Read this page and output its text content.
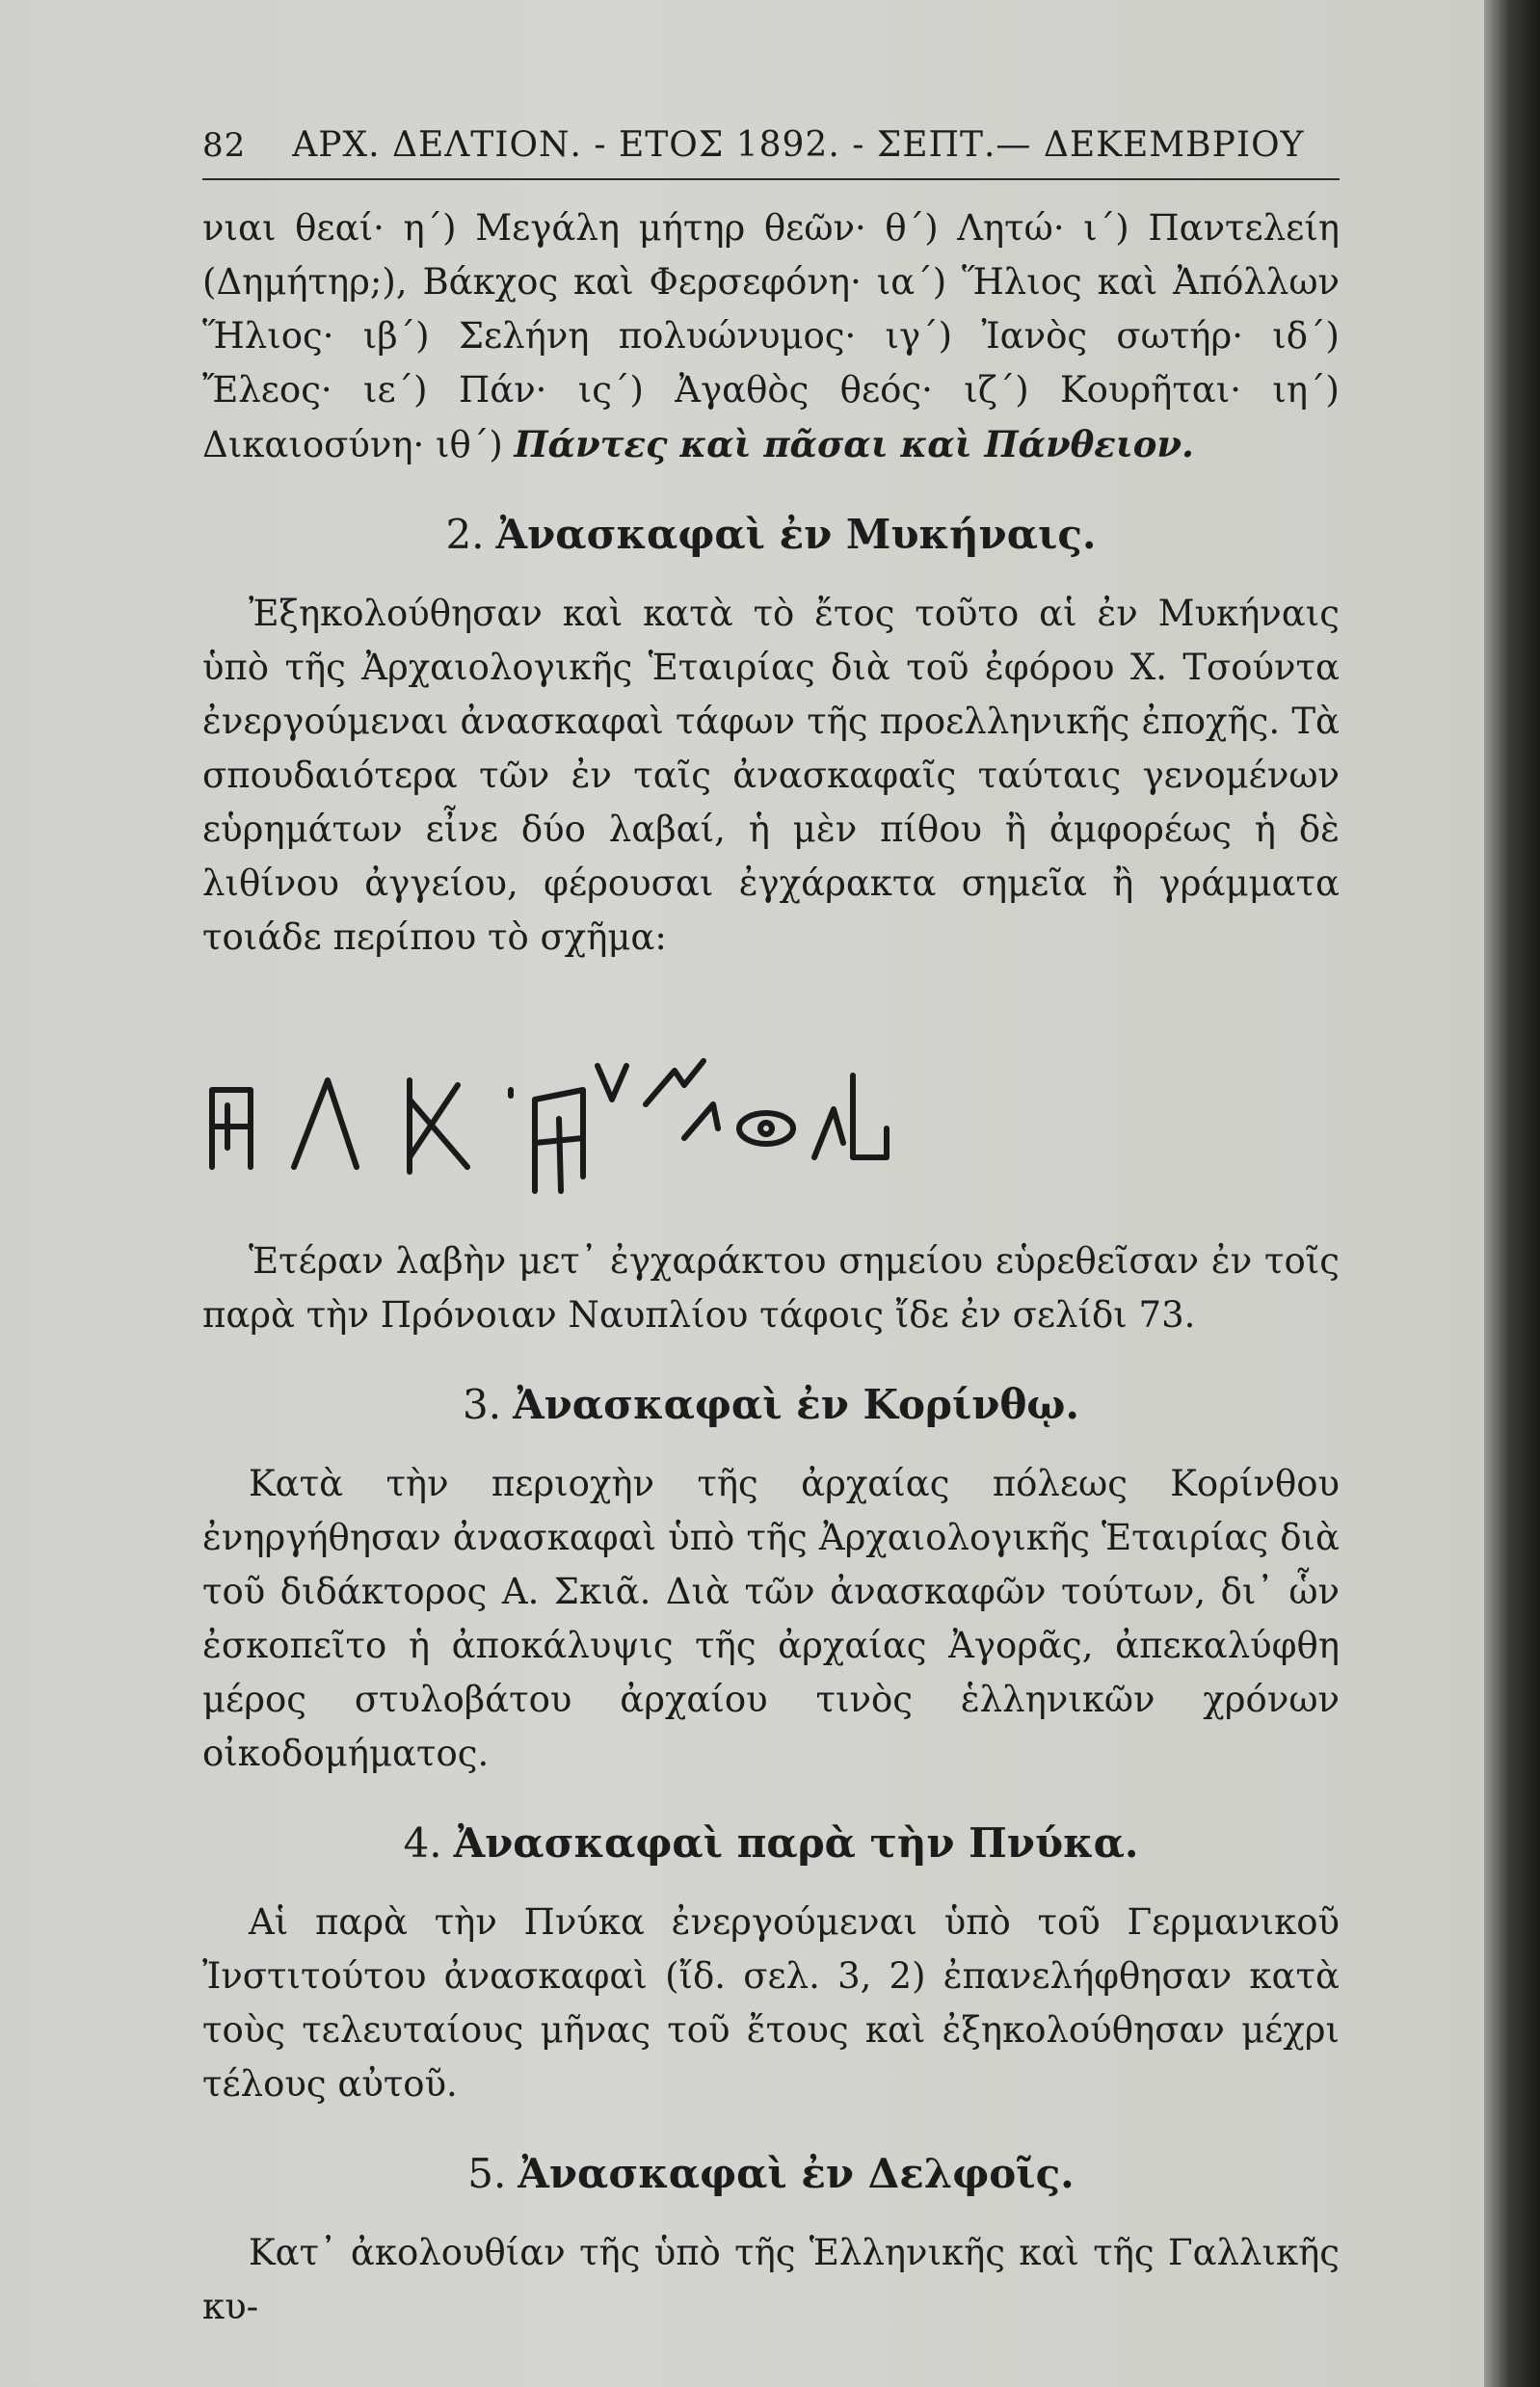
82 ΑΡΧ. ΔΕΛΤΙΟΝ. - ΕΤΟΣ 1892. - ΣΕΠΤ.— ΔΕΚΕΜΒΡΙΟΥ

νιαι θεαί· η΄) Μεγάλη μήτηρ θεῶν· θ΄) Λητώ· ι΄) Παντελείη (Δημήτηρ;), Βάκχος καὶ Φερσεφόνη· ια΄) Ἥλιος καὶ Ἀπόλλων Ἥλιος· ιβ΄) Σελήνη πολυώνυμος· ιγ΄) Ἰανὸς σωτήρ· ιδ΄) Ἔλεος· ιε΄) Πάν· ις΄) Ἀγαθὸς θεός· ιζ΄) Κουρῆται· ιη΄) Δικαιοσύνη· ιθ΄) Πάντες καὶ πᾶσαι καὶ Πάνθειον.

2. Ἀνασκαφαὶ ἐν Μυκήναις.

Ἐξηκολούθησαν καὶ κατὰ τὸ ἔτος τοῦτο αἱ ἐν Μυκήναις ὑπὸ τῆς Ἀρχαιολογικῆς Ἑταιρίας διὰ τοῦ ἐφόρου Χ. Τσούντα ἐνεργούμεναι ἀνασκαφαὶ τάφων τῆς προελληνικῆς ἐποχῆς. Τὰ σπουδαιότερα τῶν ἐν ταῖς ἀνασκαφαῖς ταύταις γενομένων εὑρημάτων εἶνε δύο λαβαί, ἡ μὲν πίθου ἢ ἀμφορέως ἡ δὲ λιθίνου ἀγγείου, φέρουσαι ἐγχάρακτα σημεῖα ἢ γράμματα τοιάδε περίπου τὸ σχῆμα:

Ἑτέραν λαβὴν μετ᾽ ἐγχαράκτου σημείου εὑρεθεῖσαν ἐν τοῖς παρὰ τὴν Πρόνοιαν Ναυπλίου τάφοις ἴδε ἐν σελίδι 73.

3. Ἀνασκαφαὶ ἐν Κορίνθῳ.

Κατὰ τὴν περιοχὴν τῆς ἀρχαίας πόλεως Κορίνθου ἐνηργήθησαν ἀνασκαφαὶ ὑπὸ τῆς Ἀρχαιολογικῆς Ἑταιρίας διὰ τοῦ διδάκτορος Α. Σκιᾶ. Διὰ τῶν ἀνασκαφῶν τούτων, δι᾽ ὧν ἐσκοπεῖτο ἡ ἀποκάλυψις τῆς ἀρχαίας Ἀγορᾶς, ἀπεκαλύφθη μέρος στυλοβάτου ἀρχαίου τινὸς ἑλληνικῶν χρόνων οἰκοδομήματος.

4. Ἀνασκαφαὶ παρὰ τὴν Πνύκα.

Αἱ παρὰ τὴν Πνύκα ἐνεργούμεναι ὑπὸ τοῦ Γερμανικοῦ Ἰνστιτούτου ἀνασκαφαὶ (ἴδ. σελ. 3, 2) ἐπανελήφθησαν κατὰ τοὺς τελευταίους μῆνας τοῦ ἔτους καὶ ἐξηκολούθησαν μέχρι τέλους αὐτοῦ.

5. Ἀνασκαφαὶ ἐν Δελφοῖς.

Κατ᾽ ἀκολουθίαν τῆς ὑπὸ τῆς Ἑλληνικῆς καὶ τῆς Γαλλικῆς κυ-
